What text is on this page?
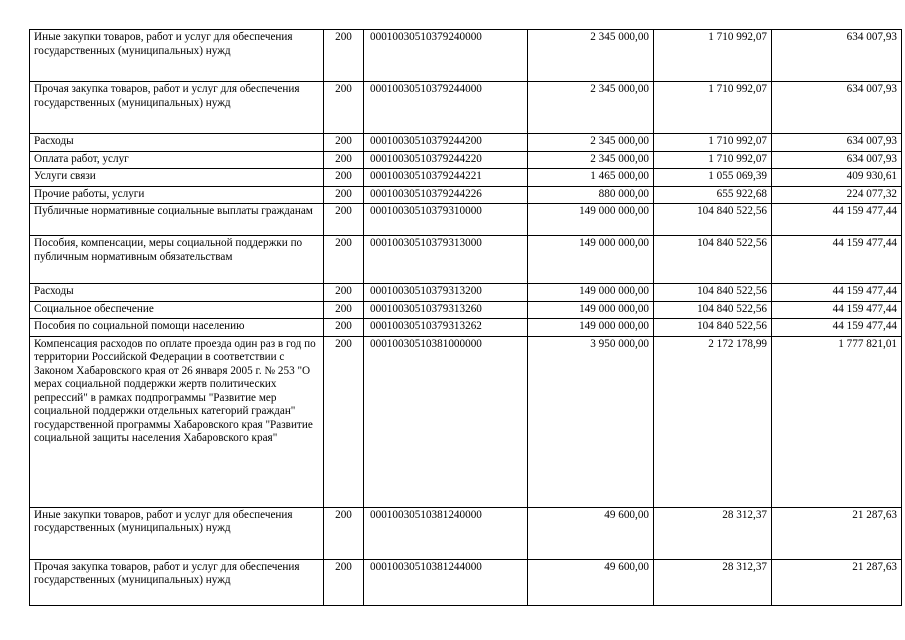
Иные закупки товаров, работ и услуг для обеспечения государственных (муниципальных) нужд	200	00010030510379240000	2 345 000,00	1 710 992,07	634 007,93
Прочая закупка товаров, работ и услуг для обеспечения государственных (муниципальных) нужд	200	00010030510379244000	2 345 000,00	1 710 992,07	634 007,93
Расходы	200	00010030510379244200	2 345 000,00	1 710 992,07	634 007,93
Оплата работ, услуг	200	00010030510379244220	2 345 000,00	1 710 992,07	634 007,93
Услуги связи	200	00010030510379244221	1 465 000,00	1 055 069,39	409 930,61
Прочие работы, услуги	200	00010030510379244226	880 000,00	655 922,68	224 077,32
Публичные нормативные социальные выплаты гражданам	200	00010030510379310000	149 000 000,00	104 840 522,56	44 159 477,44
Пособия, компенсации, меры социальной поддержки по публичным нормативным обязательствам	200	00010030510379313000	149 000 000,00	104 840 522,56	44 159 477,44
Расходы	200	00010030510379313200	149 000 000,00	104 840 522,56	44 159 477,44
Социальное обеспечение	200	00010030510379313260	149 000 000,00	104 840 522,56	44 159 477,44
Пособия по социальной помощи населению	200	00010030510379313262	149 000 000,00	104 840 522,56	44 159 477,44
Компенсация расходов по оплате проезда один раз в год по территории Российской Федерации в соответствии с Законом Хабаровского края от 26 января 2005 г. № 253 "О мерах социальной поддержки жертв политических репрессий" в рамках подпрограммы "Развитие мер социальной поддержки отдельных категорий граждан" государственной программы Хабаровского края "Развитие социальной защиты населения Хабаровского края"	200	00010030510381000000	3 950 000,00	2 172 178,99	1 777 821,01
Иные закупки товаров, работ и услуг для обеспечения государственных (муниципальных) нужд	200	00010030510381240000	49 600,00	28 312,37	21 287,63
Прочая закупка товаров, работ и услуг для обеспечения государственных (муниципальных) нужд	200	00010030510381244000	49 600,00	28 312,37	21 287,63
